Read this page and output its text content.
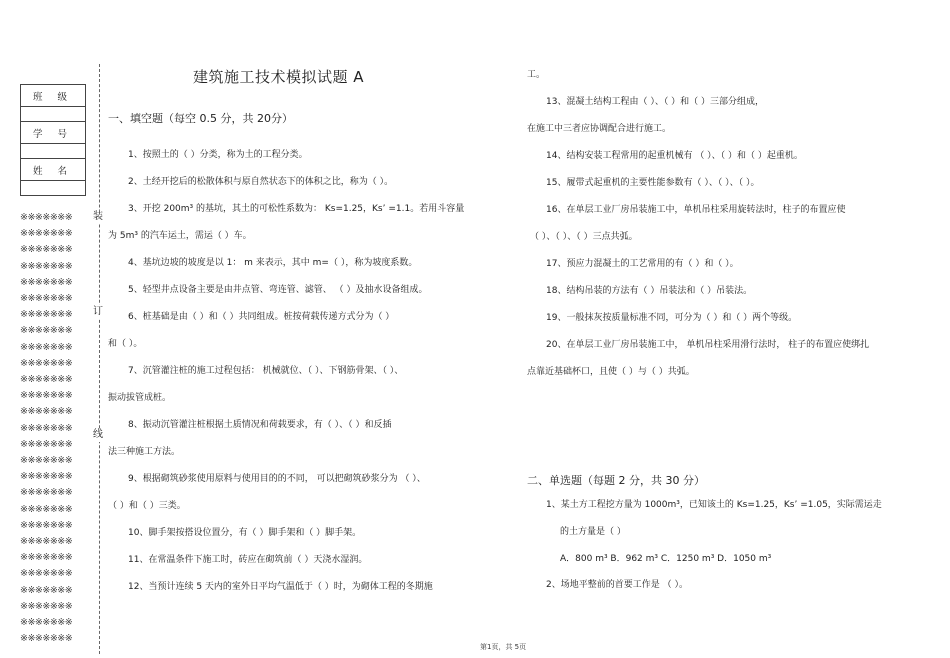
班 级

学 号

姓 名

※※※※※※※ ※※※※※※※ ※※※※※※※ ※※※※※※※ ※※※※※※※ ※※※※※※※ ※※※※※※※ ※※※※※※※ ※※※※※※※ ※※※※※※※ ※※※※※※※ ※※※※※※※ ※※※※※※※ ※※※※※※※ ※※※※※※※ ※※※※※※※ ※※※※※※※ ※※※※※※※ ※※※※※※※ ※※※※※※※ ※※※※※※※ ※※※※※※※ ※※※※※※※ ※※※※※※※ ※※※※※※※ ※※※※※※※ ※※※※※※※
装
订
线
建筑施工技术模拟试题 A
一、填空题（每空 0.5 分，共 20分）
1、按照土的（ ）分类，称为土的工程分类。
2、土经开挖后的松散体积与原自然状态下的体积之比，称为（ ）。
3、开挖 200m³ 的基坑，其土的可松性系数为： Ks=1.25，Ks’ =1.1。若用斗容量
为 5m³ 的汽车运土，需运（ ）车。
4、基坑边坡的坡度是以 1： m 来表示，其中 m=（ ），称为坡度系数。
5、轻型井点设备主要是由井点管、弯连管、滤管、 （ ）及抽水设备组成。
6、桩基础是由（ ）和（ ）共同组成。桩按荷载传递方式分为（ ）
和（ ）。
7、沉管灌注桩的施工过程包括： 机械就位、（ ）、下钢筋骨架、（ ）、
振动拔管成桩。
8、振动沉管灌注桩根据土质情况和荷载要求，有（ ）、（ ）和反插
法三种施工方法。
9、根据砌筑砂浆使用原料与使用目的的不同， 可以把砌筑砂浆分为 （ ）、
（ ）和（ ）三类。
10、脚手架按搭设位置分，有（ ）脚手架和（ ）脚手架。
11、在常温条件下施工时，砖应在砌筑前（ ）天浇水湿润。
12、当预计连续 5 天内的室外日平均气温低于（ ）时，为砌体工程的冬期施
工。
13、混凝土结构工程由（ ）、（ ）和（ ）三部分组成，
在施工中三者应协调配合进行施工。
14、结构安装工程常用的起重机械有 （ ）、（ ）和（ ）起重机。
15、履带式起重机的主要性能参数有（ ）、（ ）、（ ）。
16、在单层工业厂房吊装施工中，单机吊柱采用旋转法时，柱子的布置应使
（ ）、（ ）、（ ）三点共弧。
17、预应力混凝土的工艺常用的有（ ）和（ ）。
18、结构吊装的方法有（ ）吊装法和（ ）吊装法。
19、一般抹灰按质量标准不同，可分为（ ）和（ ）两个等级。
20、在单层工业厂房吊装施工中， 单机吊柱采用滑行法时， 柱子的布置应使绑扎
点靠近基础杯口，且使（ ）与（ ）共弧。
二、单选题（每题 2 分，共 30 分）
1、某土方工程挖方量为 1000m³，已知该土的 Ks=1.25，Ks’ =1.05，实际需运走
的土方量是（ ）
A．800 m³ B．962 m³ C．1250 m³ D．1050 m³
2、场地平整前的首要工作是 （ ）。
第1页，共 5页
